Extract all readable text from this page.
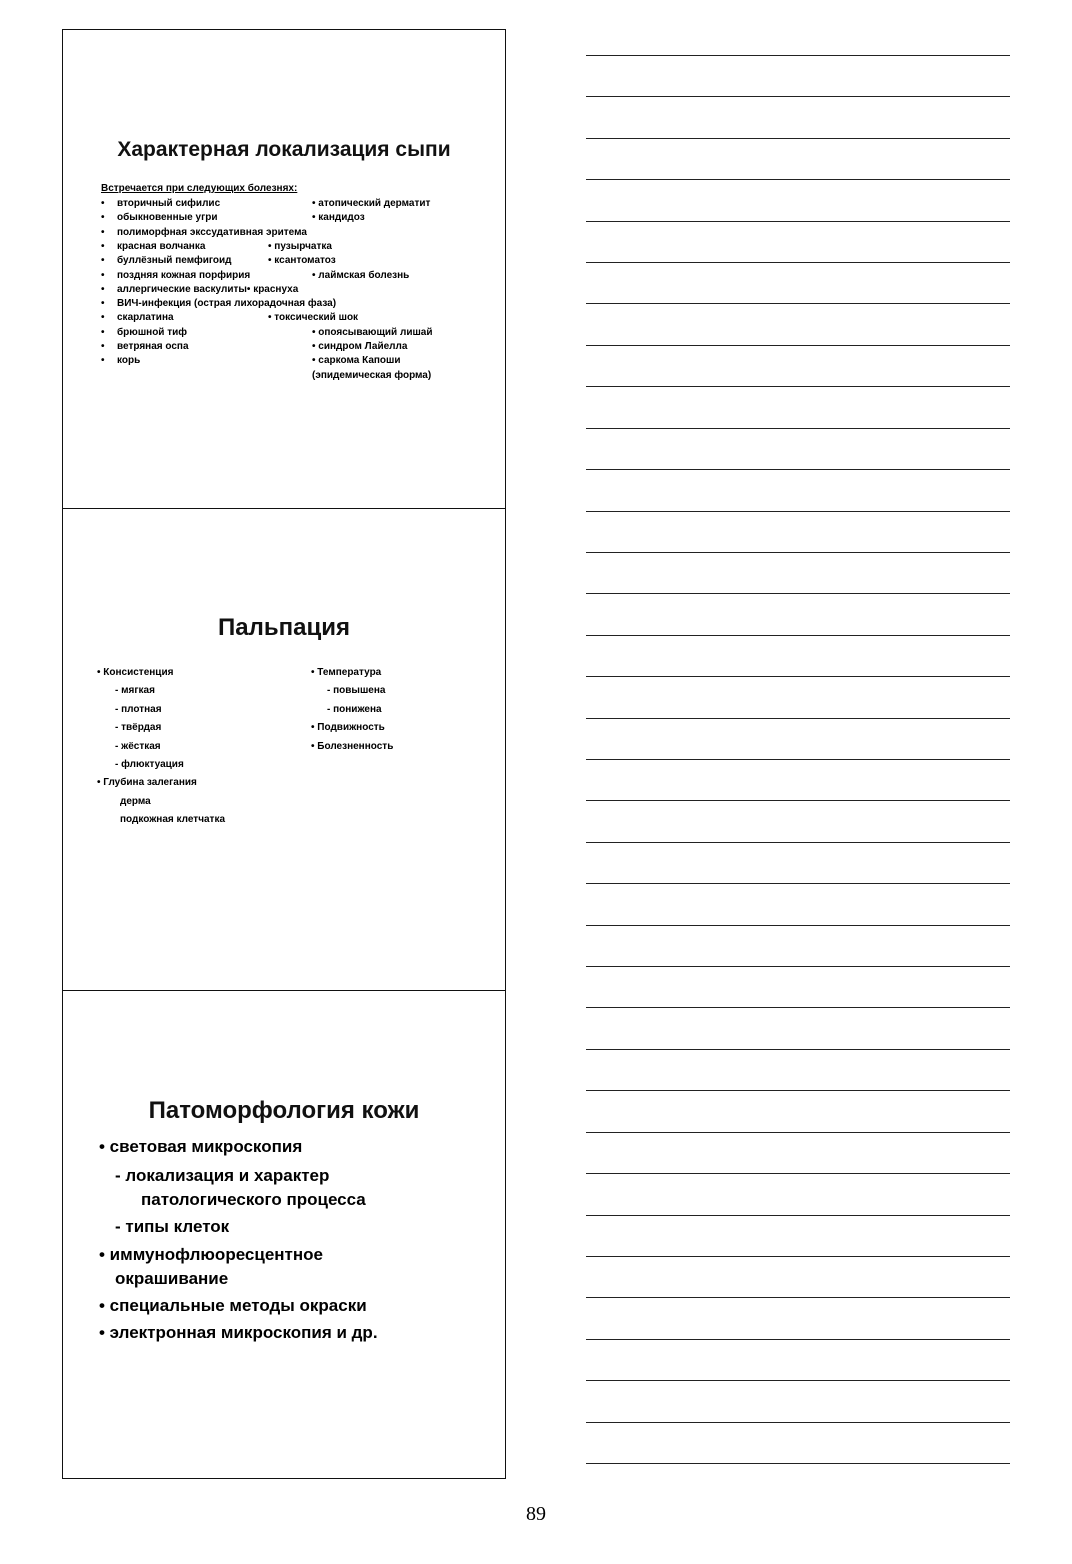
Характерная локализация сыпи
Встречается при следующих болезнях:
• вторичный сифилис	• атопический дерматит
• обыкновенные угри	• кандидоз
• полиморфная экссудативная эритема
• красная волчанка	• пузырчатка
• буллёзный пемфигоид	• ксантоматоз
• поздняя кожная порфирия	• лаймская болезнь
• аллергические васкулиты• краснуха
• ВИЧ-инфекция (острая лихорадочная фаза)
• скарлатина	• токсический шок
• брюшной тиф	• опоясывающий лишай
• ветряная оспа	• синдром Лайелла
• корь	• саркома Капоши
(эпидемическая форма)
Пальпация
• Консистенция
- мягкая
- плотная
- твёрдая
- жёсткая
- флюктуация
• Глубина залегания
дерма
подкожная клетчатка
• Температура
- повышена
- понижена
• Подвижность
• Болезненность
Патоморфология кожи
• световая микроскопия
- локализация и характер
патологического процесса
- типы клеток
• иммунофлюоресцентное
окрашивание
• специальные методы окраски
• электронная микроскопия и др.
89
